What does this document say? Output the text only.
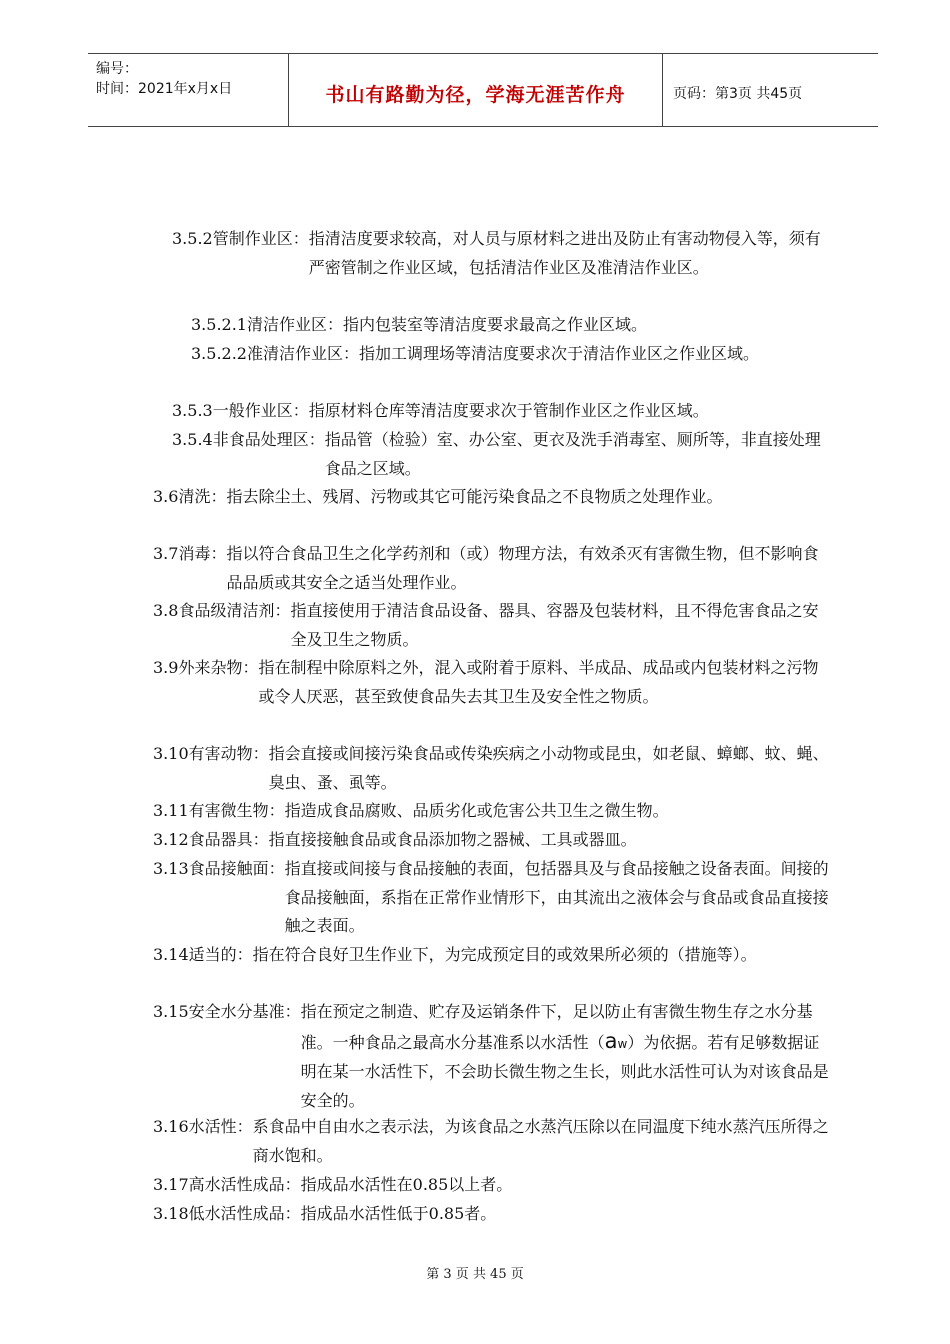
编号：
时间：2021年x月x日	书山有路勤为径，学海无涯苦作舟	页码：第3页 共45页
3.5.2管制作业区： 指清洁度要求较高，对人员与原材料之进出及防止有害动物侵入等，须有严密管制之作业区域，包括清洁作业区及准清洁作业区。
3.5.2.1清洁作业区： 指内包装室等清洁度要求最高之作业区域。
3.5.2.2准清洁作业区： 指加工调理场等清洁度要求次于清洁作业区之作业区域。
3.5.3一般作业区： 指原材料仓库等清洁度要求次于管制作业区之作业区域。
3.5.4非食品处理区： 指品管（检验）室、办公室、更衣及洗手消毒室、厕所等，非直接处理食品之区域。
3.6清洗： 指去除尘土、残屑、污物或其它可能污染食品之不良物质之处理作业。
3.7消毒： 指以符合食品卫生之化学药剂和（或）物理方法，有效杀灭有害微生物，但不影响食品品质或其安全之适当处理作业。
3.8食品级清洁剂： 指直接使用于清洁食品设备、器具、容器及包装材料，且不得危害食品之安全及卫生之物质。
3.9外来杂物： 指在制程中除原料之外，混入或附着于原料、半成品、成品或内包装材料之污物或令人厌恶，甚至致使食品失去其卫生及安全性之物质。
3.10有害动物： 指会直接或间接污染食品或传染疾病之小动物或昆虫，如老鼠、蟑螂、蚊、蝇、臭虫、蚤、虱等。
3.11有害微生物： 指造成食品腐败、品质劣化或危害公共卫生之微生物。
3.12食品器具： 指直接接触食品或食品添加物之器械、工具或器皿。
3.13食品接触面： 指直接或间接与食品接触的表面，包括器具及与食品接触之设备表面。间接的食品接触面，系指在正常作业情形下，由其流出之液体会与食品或食品直接接触之表面。
3.14适当的： 指在符合良好卫生作业下，为完成预定目的或效果所必须的（措施等）。
3.15安全水分基准： 指在预定之制造、贮存及运销条件下，足以防止有害微生物生存之水分基准。一种食品之最高水分基准系以水活性（aw）为依据。若有足够数据证明在某一水活性下，不会助长微生物之生长，则此水活性可认为对该食品是安全的。
3.16水活性： 系食品中自由水之表示法，为该食品之水蒸汽压除以在同温度下纯水蒸汽压所得之商水饱和。
3.17高水活性成品： 指成品水活性在0.85以上者。
3.18低水活性成品： 指成品水活性低于0.85者。
第 3 页 共 45 页
